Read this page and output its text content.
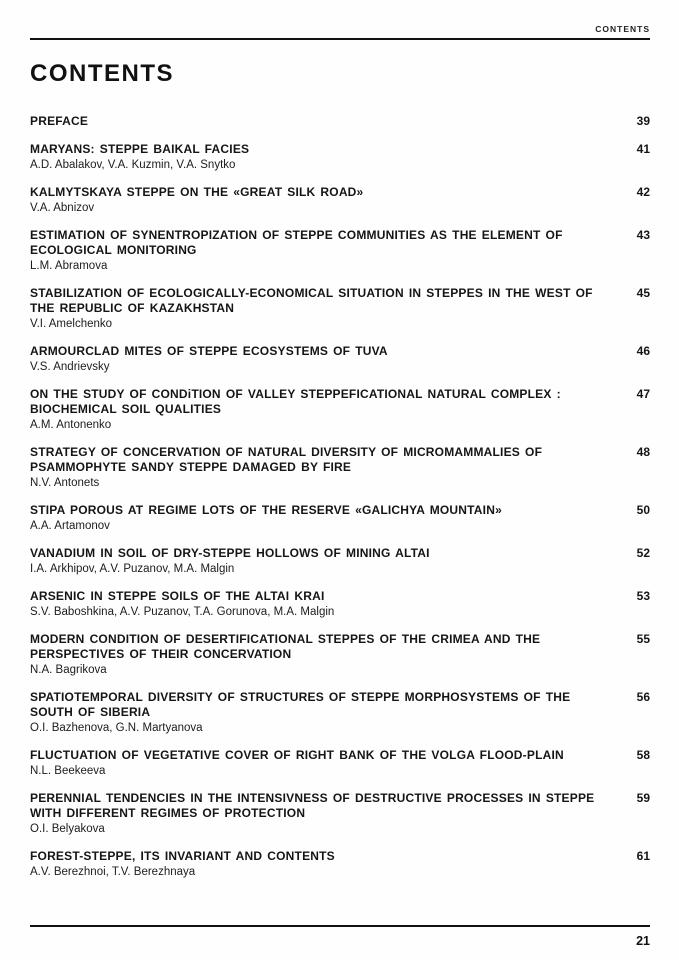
CONTENTS
CONTENTS
PREFACE	39
MARYANS: STEPPE BAIKAL FACIES
A.D. Abalakov, V.A. Kuzmin, V.A. Snytko
41
KALMYTSKAYA STEPPE ON THE «GREAT SILK ROAD»
V.A. Abnizov
42
ESTIMATION OF SYNENTROPIZATION OF STEPPE COMMUNITIES AS THE ELEMENT OF ECOLOGICAL MONITORING
L.M. Abramova
43
STABILIZATION OF ECOLOGICALLY-ECONOMICAL SITUATION IN STEPPES IN THE WEST OF THE REPUBLIC OF KAZAKHSTAN
V.I. Amelchenko
45
ARMOURCLAD MITES OF STEPPE ECOSYSTEMS OF TUVA
V.S. Andrievsky
46
ON THE STUDY OF CONDiTION OF VALLEY STEPPEFICATIONAL NATURAL COMPLEX : BIOCHEMICAL SOIL QUALITIES
A.M. Antonenko
47
STRATEGY OF CONCERVATION OF NATURAL DIVERSITY OF MICROMAMMALIES OF PSAMMOPHYTE SANDY STEPPE DAMAGED BY FIRE
N.V. Antonets
48
STIPA POROUS AT REGIME LOTS OF THE RESERVE «GALICHYA MOUNTAIN»
A.A. Artamonov
50
VANADIUM IN SOIL OF DRY-STEPPE HOLLOWS OF MINING ALTAI
I.A. Arkhipov, A.V. Puzanov, M.A. Malgin
52
ARSENIC IN STEPPE SOILS OF THE ALTAI KRAI
S.V. Baboshkina, A.V. Puzanov, T.A. Gorunova, M.A. Malgin
53
MODERN CONDITION OF DESERTIFICATIONAL STEPPES OF THE CRIMEA AND THE PERSPECTIVES OF THEIR CONCERVATION
N.A. Bagrikova
55
SPATIOTEMPORAL DIVERSITY OF STRUCTURES OF STEPPE MORPHOSYSTEMS OF THE SOUTH OF SIBERIA
O.I. Bazhenova, G.N. Martyanova
56
FLUCTUATION OF VEGETATIVE COVER OF RIGHT BANK OF THE VOLGA FLOOD-PLAIN
N.L. Beekeeva
58
PERENNIAL TENDENCIES IN THE INTENSIVNESS OF DESTRUCTIVE PROCESSES IN STEPPE WITH DIFFERENT REGIMES OF PROTECTION
O.I. Belyakova
59
FOREST-STEPPE, ITS INVARIANT AND CONTENTS
A.V. Berezhnoi, T.V. Berezhnaya
61
21
